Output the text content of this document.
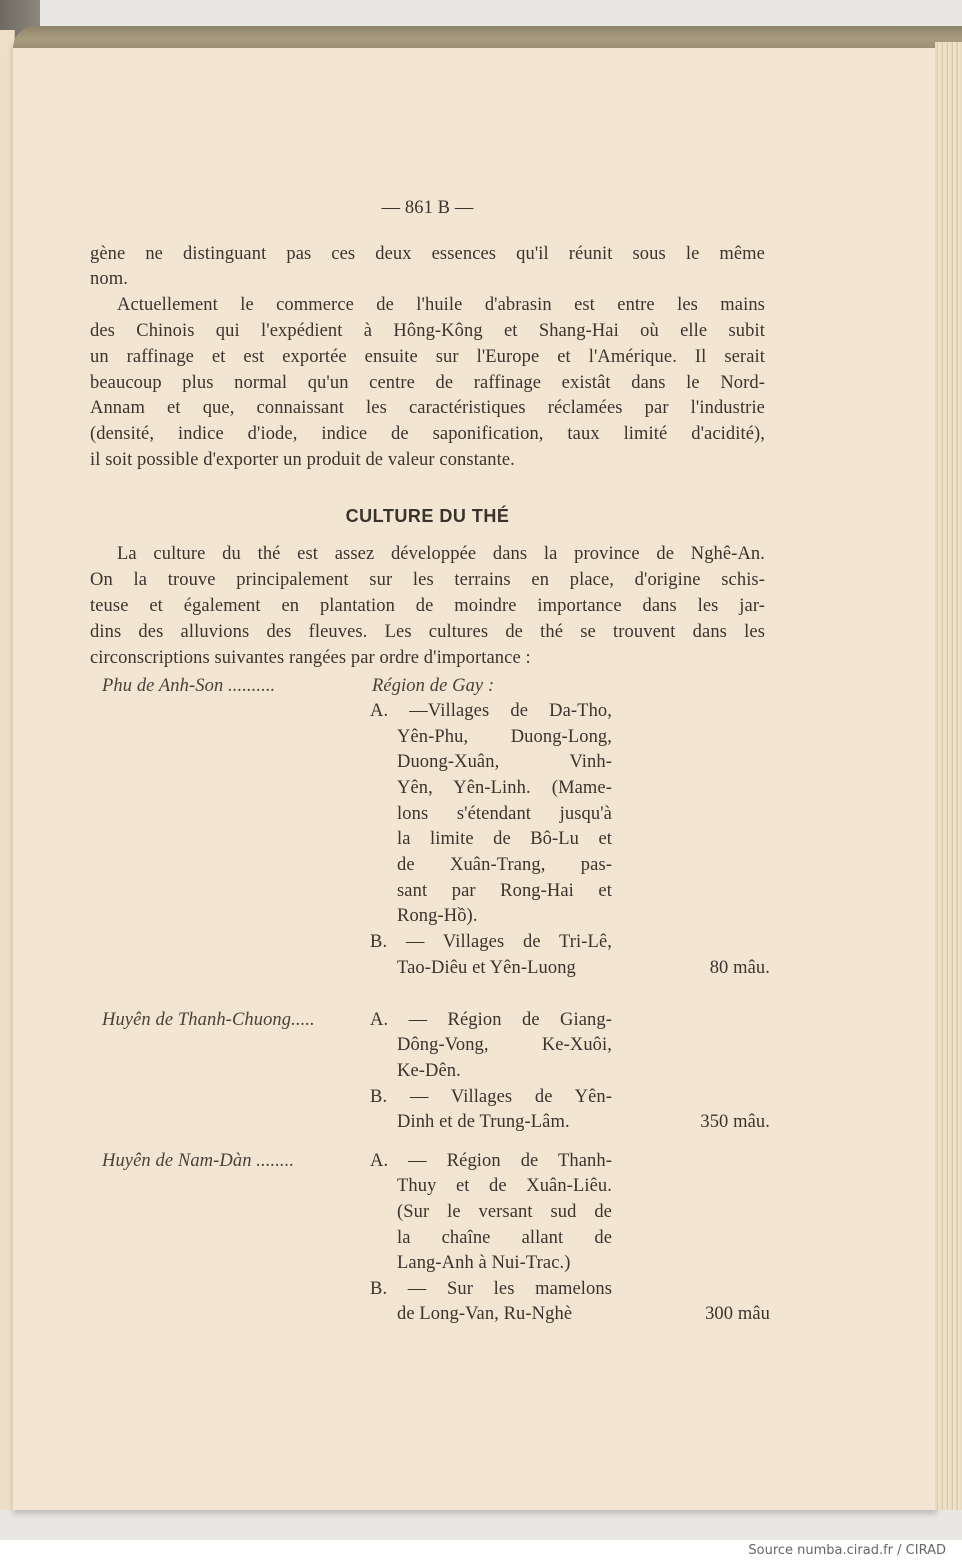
— 861 B —
CULTURE DU THÉ
gène ne distinguant pas ces deux essences qu'il réunit sous le même
nom.
Actuellement le commerce de l'huile d'abrasin est entre les mains
des Chinois qui l'expédient à Hông-Kông et Shang-Hai où elle subit
un raffinage et est exportée ensuite sur l'Europe et l'Amérique. Il serait
beaucoup plus normal qu'un centre de raffinage existât dans le Nord-
Annam et que, connaissant les caractéristiques réclamées par l'industrie
(densité, indice d'iode, indice de saponification, taux limité d'acidité),
il soit possible d'exporter un produit de valeur constante.
La culture du thé est assez développée dans la province de Nghê-An.
On la trouve principalement sur les terrains en place, d'origine schis-
teuse et également en plantation de moindre importance dans les jar-
dins des alluvions des fleuves. Les cultures de thé se trouvent dans les
circonscriptions suivantes rangées par ordre d'importance :
Phu de Anh-Son ..........	Région de Gay :
A. —Villages de Da-Tho,
Yên-Phu, Duong-Long,
Duong-Xuân, Vinh-
Yên, Yên-Linh. (Mame-
lons s'étendant jusqu'à
la limite de Bô-Lu et
de Xuân-Trang, pas-
sant par Rong-Hai et
Rong-Hồ).
B. — Villages de Tri-Lê,
Tao-Diêu et Yên-Luong	80 mâu.
Huyên de Thanh-Chuong.....	A. — Région de Giang-
Dông-Vong, Ke-Xuôi,
Ke-Dên.
B. — Villages de Yên-
Dinh et de Trung-Lâm.	350 mâu.
Huyên de Nam-Dàn ........	A. — Région de Thanh-
Thuy et de Xuân-Liêu.
(Sur le versant sud de
la chaîne allant de
Lang-Anh à Nui-Trac.)
B. — Sur les mamelons
de Long-Van, Ru-Nghè	300 mâu
Source numba.cirad.fr / CIRAD
